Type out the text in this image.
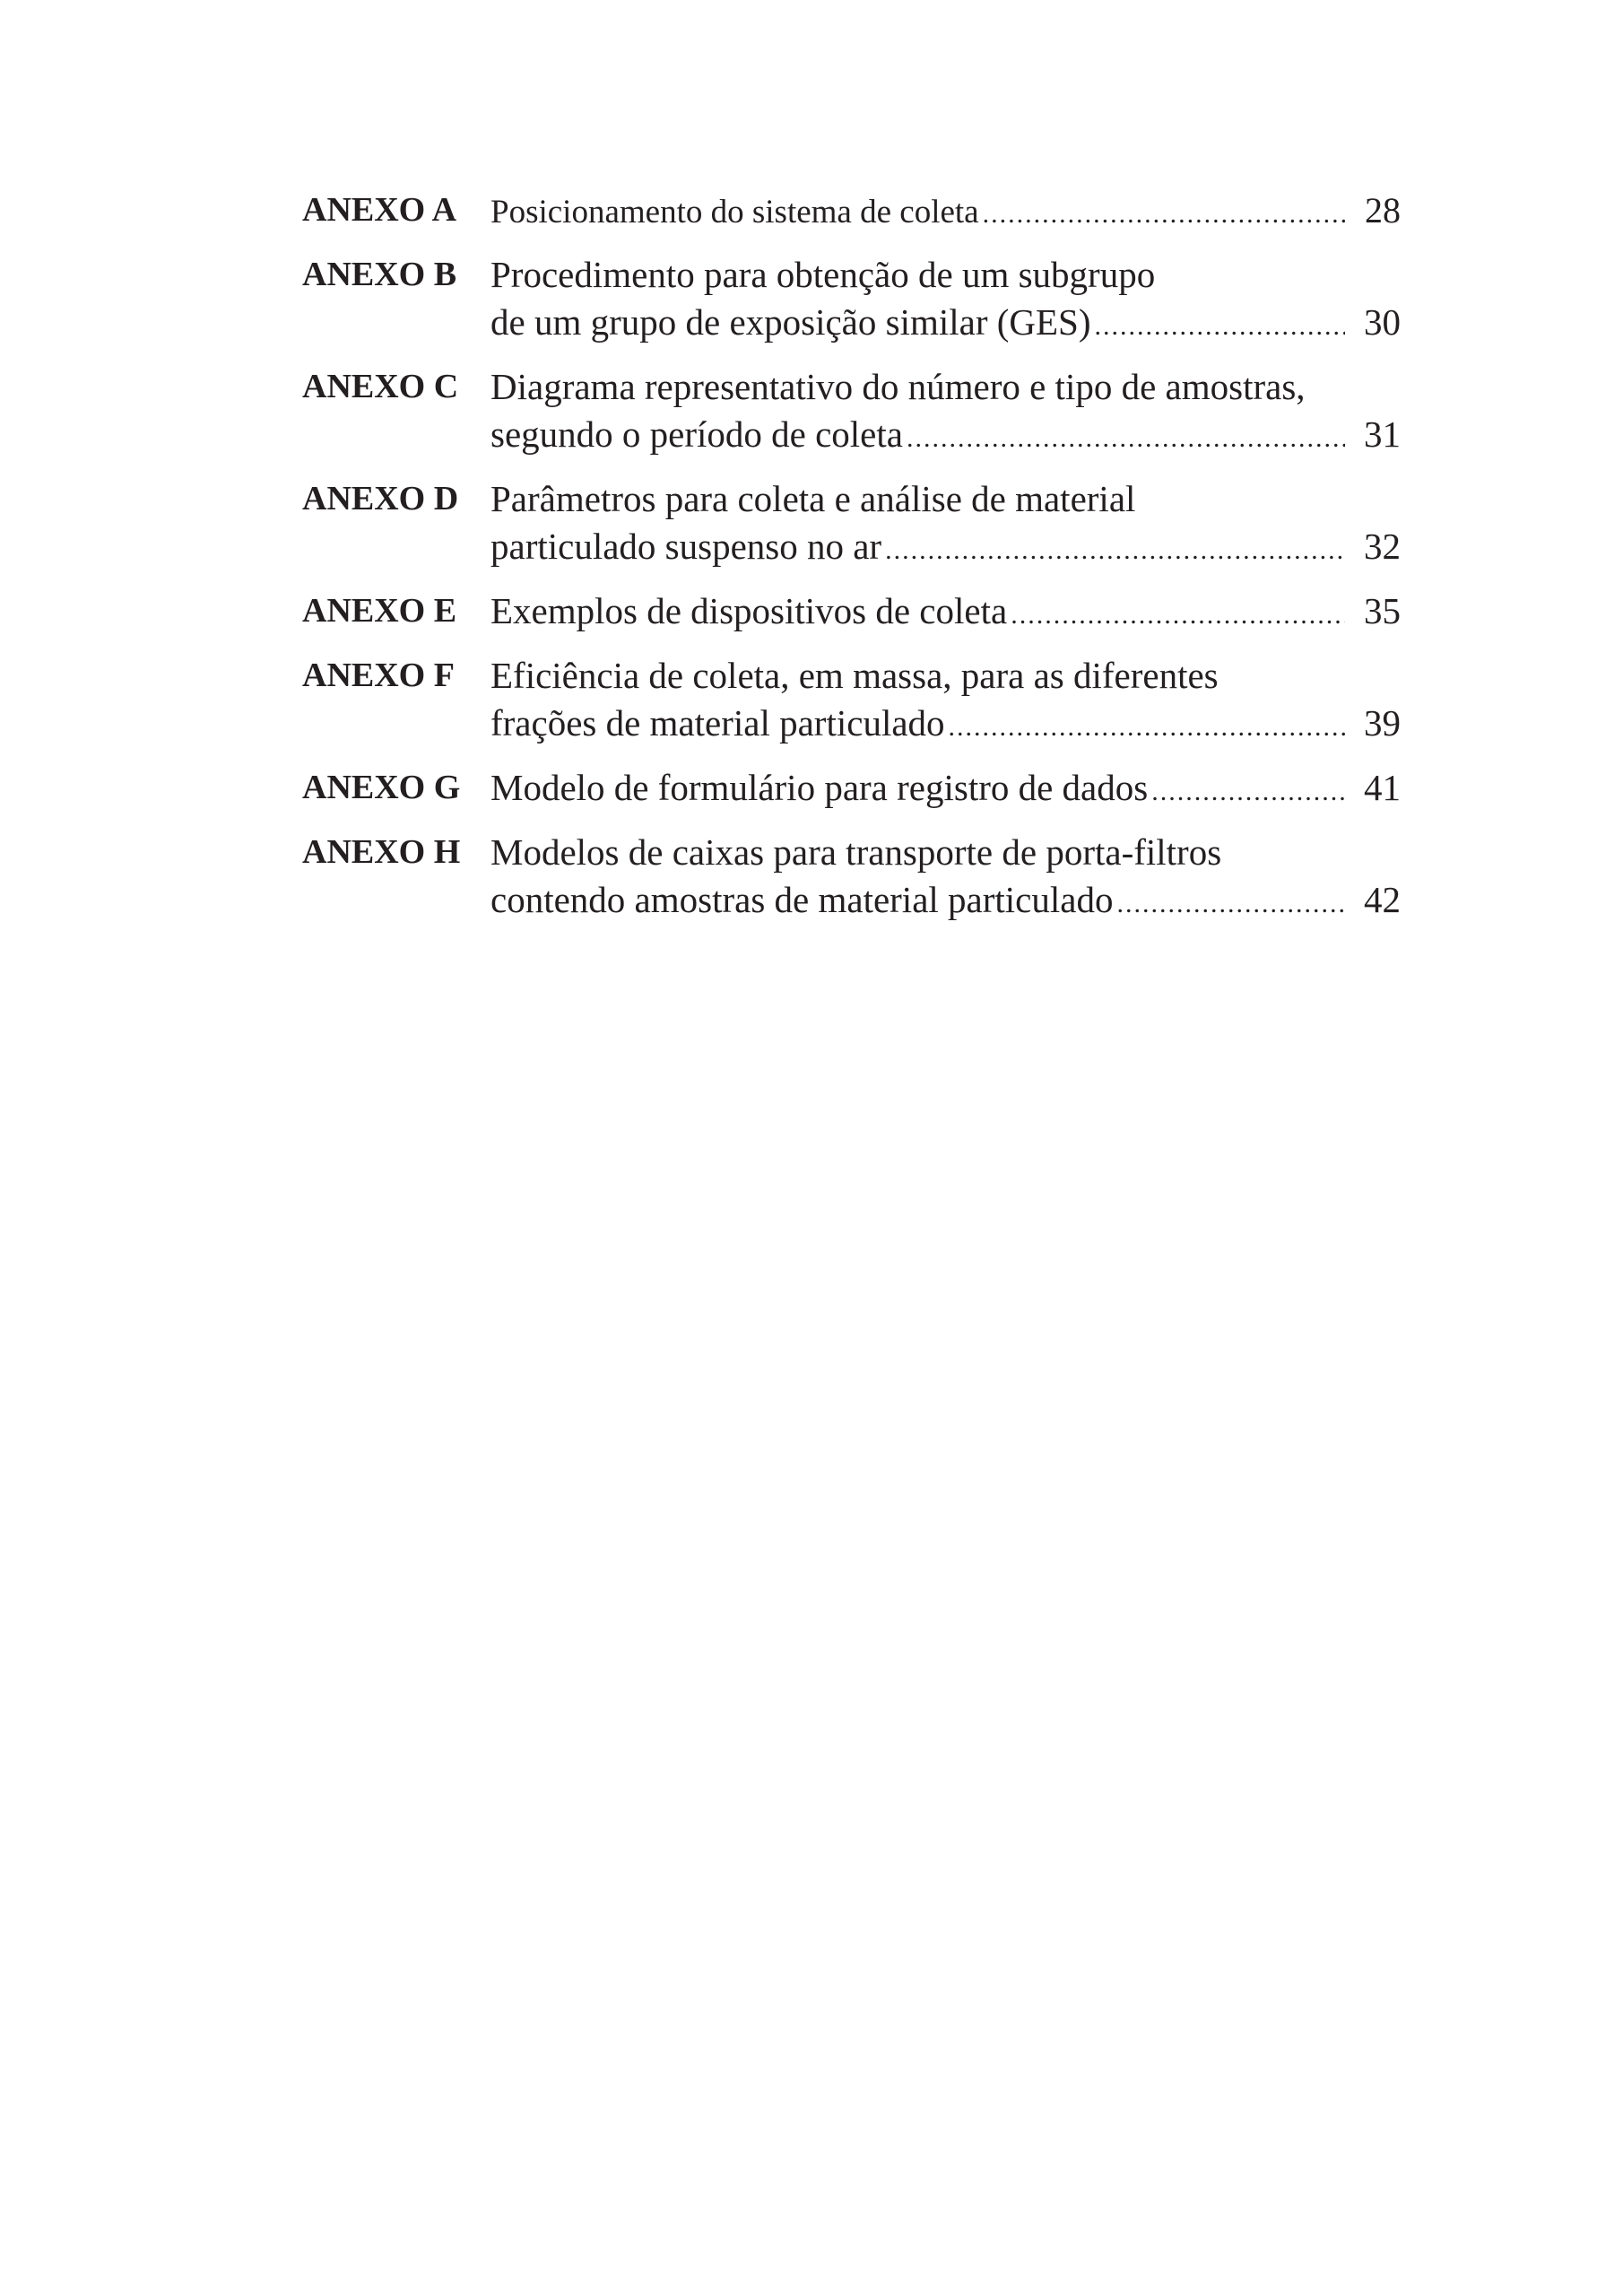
ANEXO A	Posicionamento do sistema de coleta .....	28
ANEXO B Procedimento para obtenção de um subgrupo
de um grupo de exposição similar (GES) .....	30
ANEXO C Diagrama representativo do número e tipo de amostras,
segundo o período de coleta .....	31
ANEXO D Parâmetros para coleta e análise de material
particulado suspenso no ar .....	32
ANEXO E Exemplos de dispositivos de coleta .....	35
ANEXO F Eficiência de coleta, em massa, para as diferentes
frações de material particulado .....	39
ANEXO G Modelo de formulário para registro de dados .....	41
ANEXO H Modelos de caixas para transporte de porta-filtros
contendo amostras de material particulado .....	42
